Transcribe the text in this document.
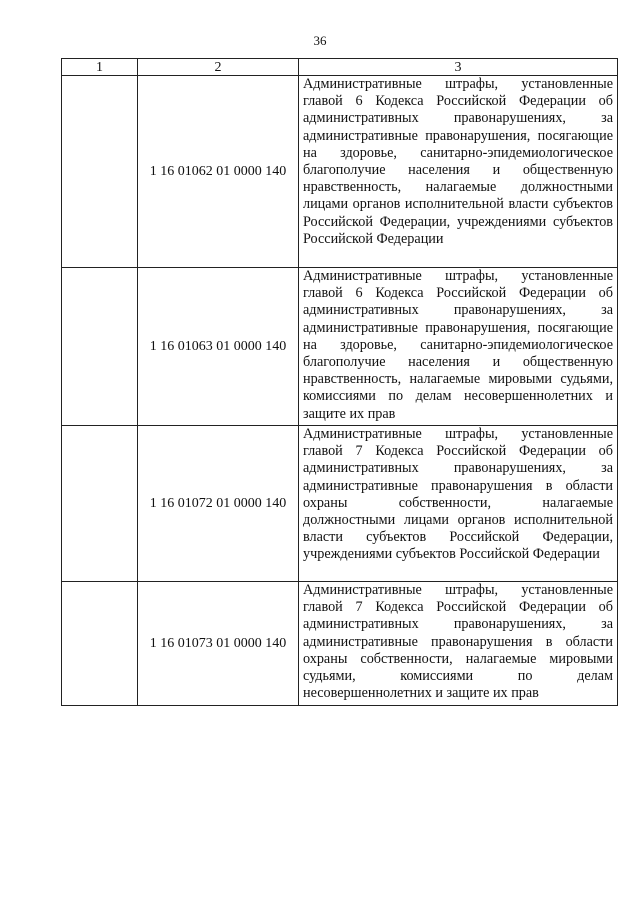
36
1	2	3
	1 16 01062 01 0000 140	Административные штрафы, установленные главой 6 Кодекса Российской Федерации об административных правонарушениях, за административные правонарушения, посягающие на здоровье, санитарно-эпидемиологическое благополучие населения и общественную нравственность, налагаемые должностными лицами органов исполнительной власти субъектов Российской Федерации, учреждениями субъектов Российской Федерации
	1 16 01063 01 0000 140	Административные штрафы, установленные главой 6 Кодекса Российской Федерации об административных правонарушениях, за административные правонарушения, посягающие на здоровье, санитарно-эпидемиологическое благополучие населения и общественную нравственность, налагаемые мировыми судьями, комиссиями по делам несовершеннолетних и защите их прав
	1 16 01072 01 0000 140	Административные штрафы, установленные главой 7 Кодекса Российской Федерации об административных правонарушениях, за административные правонарушения в области охраны собственности, налагаемые должностными лицами органов исполнительной власти субъектов Российской Федерации, учреждениями субъектов Российской Федерации
	1 16 01073 01 0000 140	Административные штрафы, установленные главой 7 Кодекса Российской Федерации об административных правонарушениях, за административные правонарушения в области охраны собственности, налагаемые мировыми судьями, комиссиями по делам несовершеннолетних и защите их прав
